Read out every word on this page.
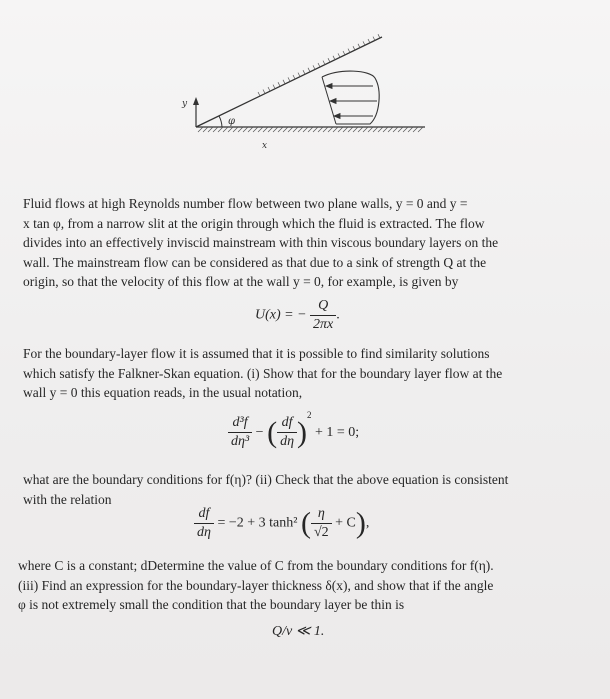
y
x
φ
Fluid flows at high Reynolds number flow between two plane walls, y = 0 and y =
x tan φ, from a narrow slit at the origin through which the fluid is extracted. The flow
divides into an effectively inviscid mainstream with thin viscous boundary layers on the
wall. The mainstream flow can be considered as that due to a sink of strength Q at the
origin, so that the velocity of this flow at the wall y = 0, for example, is given by
U(x) = − $\frac{Q}{2\pi x}$ .
For the boundary-layer flow it is assumed that it is possible to find similarity solutions
which satisfy the Falkner-Skan equation. (i) Show that for the boundary layer flow at the
wall y = 0 this equation reads, in the usual notation,
$\frac{\text{d³f}}{\text{dη³}}$ − ( $\frac{df}{d\eta} )^2 + 1 = 0$;
what are the boundary conditions for f(η)? (ii) Check that the above equation is consistent
with the relation
$\frac{df}{d\eta} = -2 + 3$ tanh² ( $\frac{\eta}{√2} + C$),
where C is a constant; dDetermine the value of C from the boundary conditions for f(η).
(iii) Find an expression for the boundary-layer thickness δ(x), and show that if the angle
φ is not extremely small the condition that the boundary layer be thin is
Q/ν ≪ 1.
